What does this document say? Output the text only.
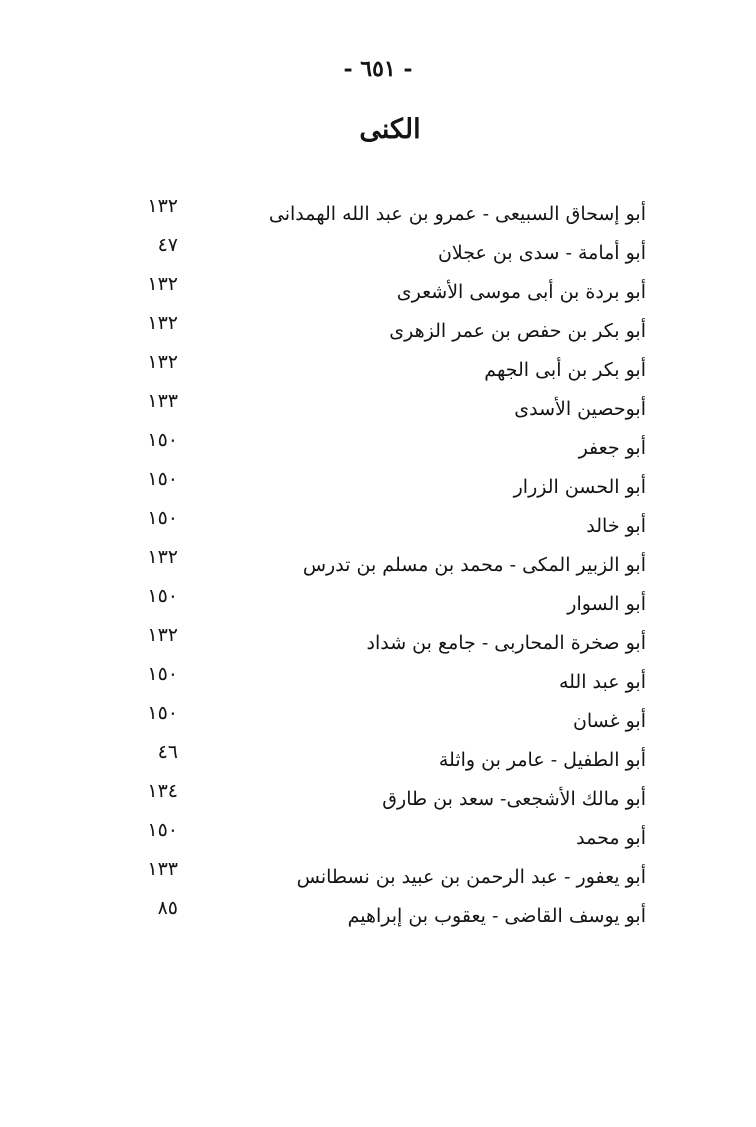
- ٦٥١ -
الكنى
أبو إسحاق السبيعى - عمرو بن عبد الله الهمدانى
١٣٢
أبو أمامة - سدى بن عجلان
٤٧
أبو بردة بن أبى موسى الأشعرى
١٣٢
أبو بكر بن حفص بن عمر الزهرى
١٣٢
أبو بكر بن أبى الجهم
١٣٢
أبوحصين الأسدى
١٣٣
أبو جعفر
١٥٠
أبو الحسن الزرار
١٥٠
أبو خالد
١٥٠
أبو الزبير المكى - محمد بن مسلم بن تدرس
١٣٢
أبو السوار
١٥٠
أبو صخرة المحاربى - جامع بن شداد
١٣٢
أبو عبد الله
١٥٠
أبو غسان
١٥٠
أبو الطفيل - عامر بن واثلة
٤٦
أبو مالك الأشجعى- سعد بن طارق
١٣٤
أبو محمد
١٥٠
أبو يعفور - عبد الرحمن بن عبيد بن نسطانس
١٣٣
أبو يوسف القاضى - يعقوب بن إبراهيم
٨٥
